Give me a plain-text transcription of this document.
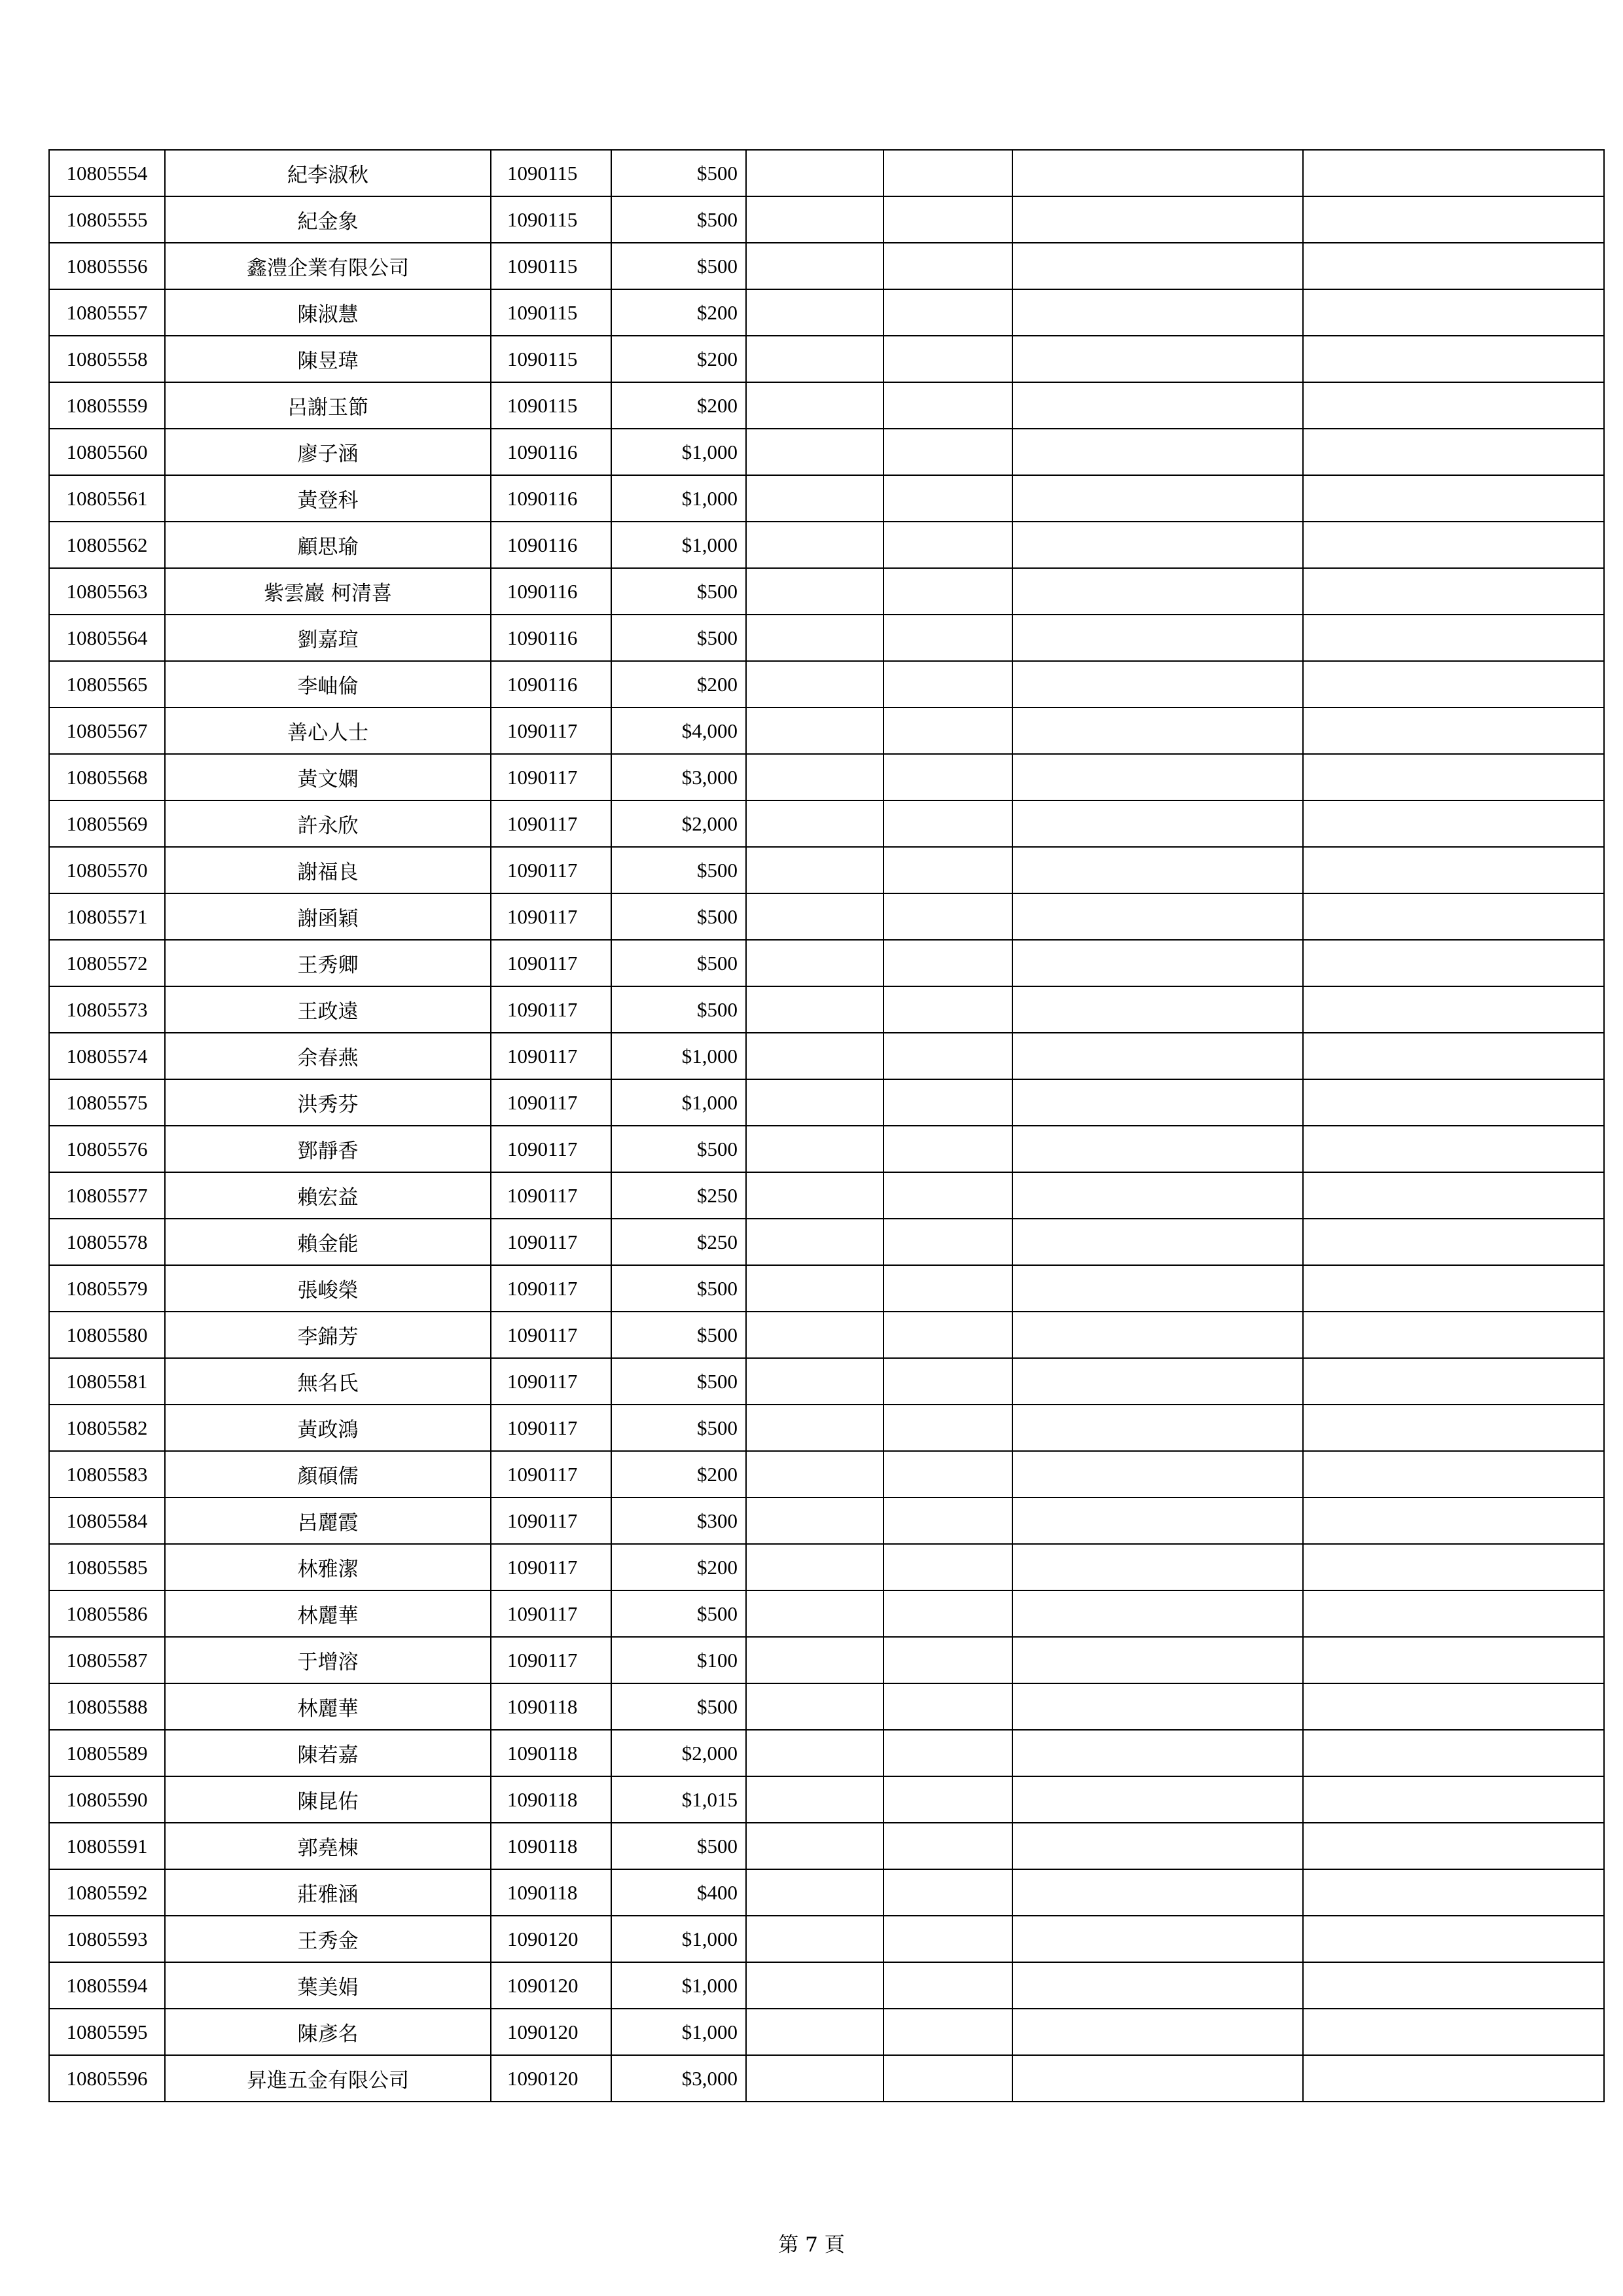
10805554	紀李淑秋	1090115	$500				
10805555	紀金象	1090115	$500				
10805556	鑫澧企業有限公司	1090115	$500				
10805557	陳淑慧	1090115	$200				
10805558	陳昱瑋	1090115	$200				
10805559	呂謝玉節	1090115	$200				
10805560	廖子涵	1090116	$1,000				
10805561	黃登科	1090116	$1,000				
10805562	顧思瑜	1090116	$1,000				
10805563	紫雲巖 柯清喜	1090116	$500				
10805564	劉嘉瑄	1090116	$500				
10805565	李岫倫	1090116	$200				
10805567	善心人士	1090117	$4,000				
10805568	黃文嫻	1090117	$3,000				
10805569	許永欣	1090117	$2,000				
10805570	謝福良	1090117	$500				
10805571	謝函穎	1090117	$500				
10805572	王秀卿	1090117	$500				
10805573	王政遠	1090117	$500				
10805574	余春燕	1090117	$1,000				
10805575	洪秀芬	1090117	$1,000				
10805576	鄧靜香	1090117	$500				
10805577	賴宏益	1090117	$250				
10805578	賴金能	1090117	$250				
10805579	張峻榮	1090117	$500				
10805580	李錦芳	1090117	$500				
10805581	無名氏	1090117	$500				
10805582	黃政鴻	1090117	$500				
10805583	顏碩儒	1090117	$200				
10805584	呂麗霞	1090117	$300				
10805585	林雅潔	1090117	$200				
10805586	林麗華	1090117	$500				
10805587	于增溶	1090117	$100				
10805588	林麗華	1090118	$500				
10805589	陳若嘉	1090118	$2,000				
10805590	陳昆佑	1090118	$1,015				
10805591	郭堯棟	1090118	$500				
10805592	莊雅涵	1090118	$400				
10805593	王秀金	1090120	$1,000				
10805594	葉美娟	1090120	$1,000				
10805595	陳彥名	1090120	$1,000				
10805596	昇進五金有限公司	1090120	$3,000				
第 7 頁
